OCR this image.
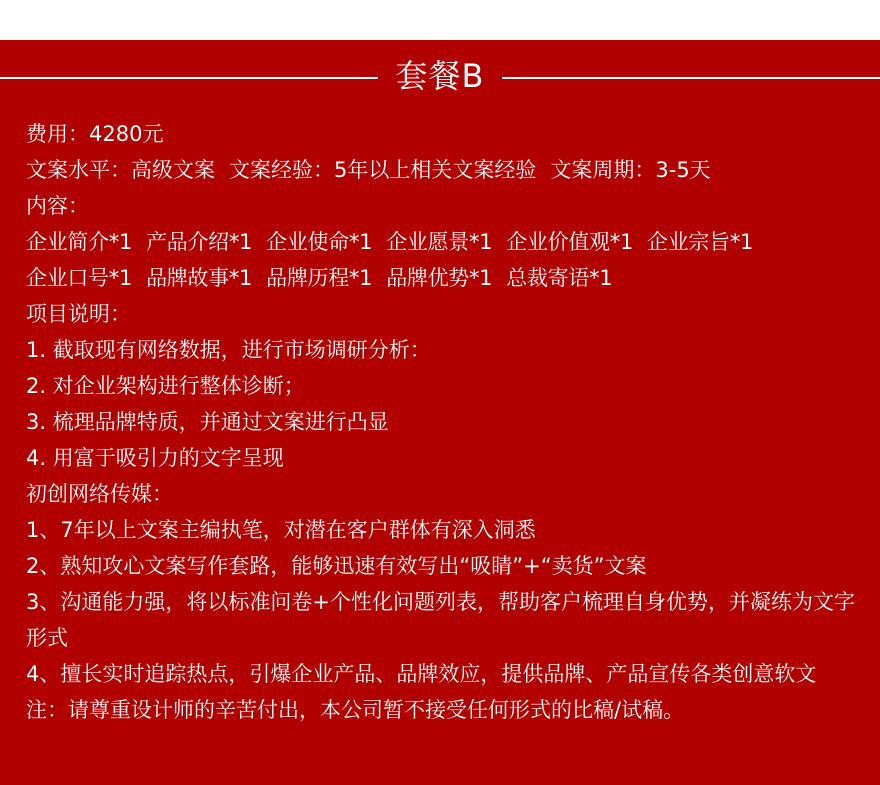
套餐B
费用：4280元
文案水平：高级文案 文案经验：5年以上相关文案经验 文案周期：3-5天
内容：
企业简介*1 产品介绍*1 企业使命*1 企业愿景*1 企业价值观*1 企业宗旨*1
企业口号*1 品牌故事*1 品牌历程*1 品牌优势*1 总裁寄语*1
项目说明：
1. 截取现有网络数据，进行市场调研分析：
2. 对企业架构进行整体诊断；
3. 梳理品牌特质，并通过文案进行凸显
4. 用富于吸引力的文字呈现
初创网络传媒：
1、7年以上文案主编执笔，对潜在客户群体有深入洞悉
2、熟知攻心文案写作套路，能够迅速有效写出“吸睛”+“卖货”文案
3、沟通能力强，将以标准问卷+个性化问题列表，帮助客户梳理自身优势，并凝练为文字形式
4、擅长实时追踪热点，引爆企业产品、品牌效应，提供品牌、产品宣传各类创意软文
注：请尊重设计师的辛苦付出，本公司暂不接受任何形式的比稿/试稿。
